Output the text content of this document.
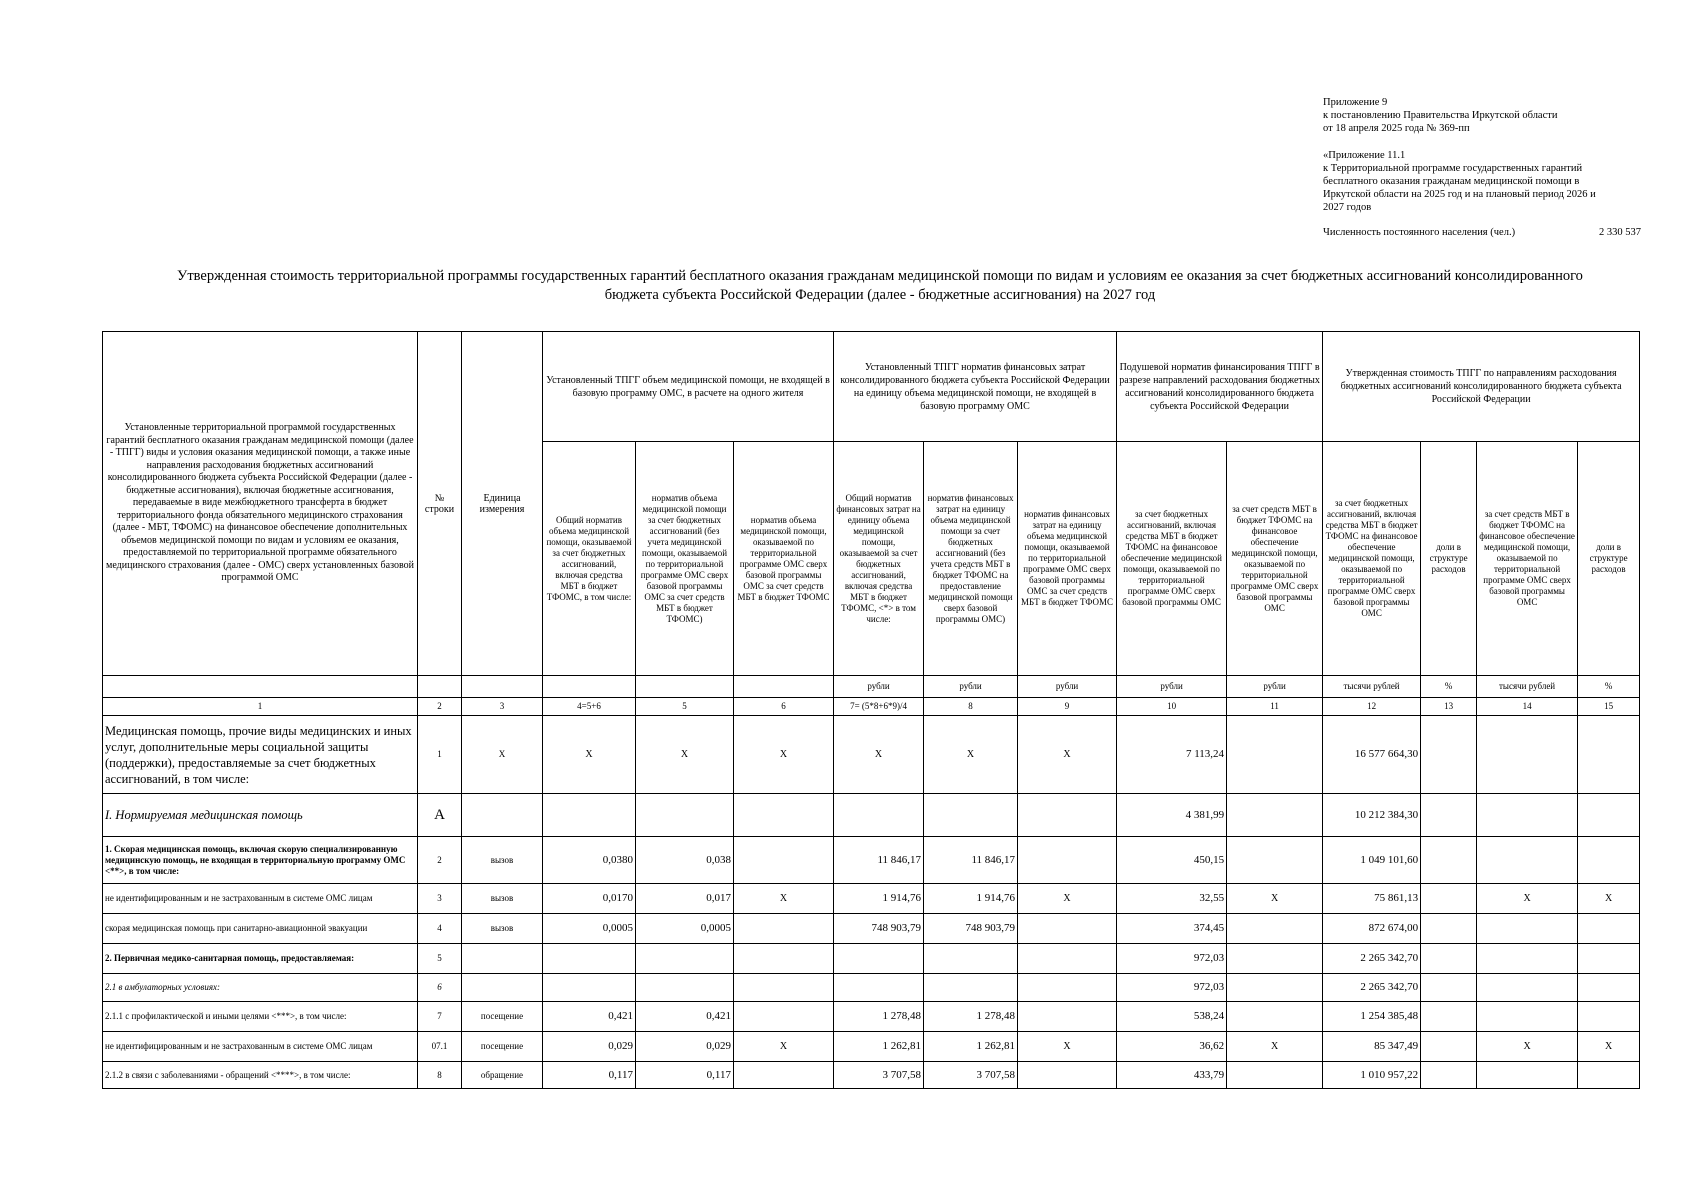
Приложение 9

к постановлению Правительства Иркутской области

от 18 апреля 2025 года № 369-пп

«Приложение 11.1

к Территориальной программе государственных гарантий

бесплатного оказания гражданам медицинской помощи в

Иркутской области на 2025 год и на плановый период 2026 и

2027 годов

Численность постоянного населения (чел.)	2 330 537
Утвержденная стоимость территориальной программы государственных гарантий бесплатного оказания гражданам медицинской помощи по видам и условиям ее оказания за счет бюджетных ассигнований консолидированного
бюджета субъекта Российской Федерации (далее - бюджетные ассигнования) на 2027 год
Установленные территориальной программой государственных гарантий бесплатного оказания гражданам медицинской помощи (далее - ТПГГ) виды и условия оказания медицинской помощи, а также иные направления расходования бюджетных ассигнований консолидированного бюджета субъекта Российской Федерации (далее - бюджетные ассигнования), включая бюджетные ассигнования, передаваемые в виде межбюджетного трансферта в бюджет территориального фонда обязательного медицинского страхования (далее - МБТ, ТФОМС) на финансовое обеспечение дополнительных объемов медицинской помощи по видам и условиям ее оказания, предоставляемой по территориальной программе обязательного медицинского страхования (далее - ОМС) сверх установленных базовой программой ОМС	№ строки	Единица измерения	Установленный ТПГГ объем медицинской помощи, не входящей в базовую программу ОМС, в расчете на одного жителя			Установленный ТПГГ норматив финансовых затрат консолидированного бюджета субъекта Российской Федерации на единицу объема медицинской помощи, не входящей в базовую программу ОМС			Подушевой норматив финансирования ТПГГ в разрезе направлений расходования бюджетных ассигнований консолидированного бюджета субъекта Российской Федерации		Утвержденная стоимость ТПГГ по направлениям расходования бюджетных ассигнований консолидированного бюджета субъекта Российской Федерации			
			Общий норматив объема медицинской помощи, оказываемой за счет бюджетных ассигнований, включая средства МБТ в бюджет ТФОМС, в том числе:	норматив объема медицинской помощи за счет бюджетных ассигнований (без учета медицинской помощи, оказываемой по территориальной программе ОМС сверх базовой программы ОМС за счет средств МБТ в бюджет ТФОМС)	норматив объема медицинской помощи, оказываемой по территориальной программе ОМС сверх базовой программы ОМС за счет средств МБТ в бюджет ТФОМС	Общий норматив финансовых затрат на единицу объема медицинской помощи, оказываемой за счет бюджетных ассигнований, включая средства МБТ в бюджет ТФОМС, <*> в том числе:	норматив финансовых затрат на единицу объема медицинской помощи за счет бюджетных ассигнований (без учета средств МБТ в бюджет ТФОМС на предоставление медицинской помощи сверх базовой программы ОМС)	норматив финансовых затрат на единицу объема медицинской помощи, оказываемой по территориальной программе ОМС сверх базовой программы ОМС за счет средств МБТ в бюджет ТФОМС	за счет бюджетных ассигнований, включая средства МБТ в бюджет ТФОМС на финансовое обеспечение медицинской помощи, оказываемой по территориальной программе ОМС сверх базовой программы ОМС	за счет средств МБТ в бюджет ТФОМС на финансовое обеспечение медицинской помощи, оказываемой по территориальной программе ОМС сверх базовой программы ОМС	за счет бюджетных ассигнований, включая средства МБТ в бюджет ТФОМС на финансовое обеспечение медицинской помощи, оказываемой по территориальной программе ОМС сверх базовой программы ОМС	доли в структуре расходов	за счет средств МБТ в бюджет ТФОМС на финансовое обеспечение медицинской помощи, оказываемой по территориальной программе ОМС сверх базовой программы ОМС	доли в структуре расходов
						рубли	рубли	рубли	рубли	рубли	тысячи рублей	%	тысячи рублей	%
1	2	3	4=5+6	5	6	7= (5*8+6*9)/4	8	9	10	11	12	13	14	15
Медицинская помощь, прочие виды медицинских и иных услуг, дополнительные меры социальной защиты (поддержки), предоставляемые за счет бюджетных ассигнований, в том числе:	1	Х	Х	Х	Х	Х	Х	Х	7 113,24		16 577 664,30			
I. Нормируемая медицинская помощь	А								4 381,99		10 212 384,30			
1. Скорая медицинская помощь, включая скорую специализированную медицинскую помощь, не входящая в территориальную программу ОМС <**>, в том числе:	2	вызов	0,0380	0,038		11 846,17	11 846,17		450,15		1 049 101,60			
не идентифицированным и не застрахованным в системе ОМС лицам	3	вызов	0,0170	0,017	Х	1 914,76	1 914,76	Х	32,55	Х	75 861,13		Х	Х
скорая медицинская помощь при санитарно-авиационной эвакуации	4	вызов	0,0005	0,0005		748 903,79	748 903,79		374,45		872 674,00			
2. Первичная медико-санитарная помощь, предоставляемая:	5								972,03		2 265 342,70			
2.1 в амбулаторных условиях:	6								972,03		2 265 342,70			
2.1.1 с профилактической и иными целями <***>, в том числе:	7	посещение	0,421	0,421		1 278,48	1 278,48		538,24		1 254 385,48			
не идентифицированным и не застрахованным в системе ОМС лицам	07.1	посещение	0,029	0,029	Х	1 262,81	1 262,81	Х	36,62	Х	85 347,49		Х	Х
2.1.2 в связи с заболеваниями - обращений <****>, в том числе:	8	обращение	0,117	0,117		3 707,58	3 707,58		433,79		1 010 957,22			
